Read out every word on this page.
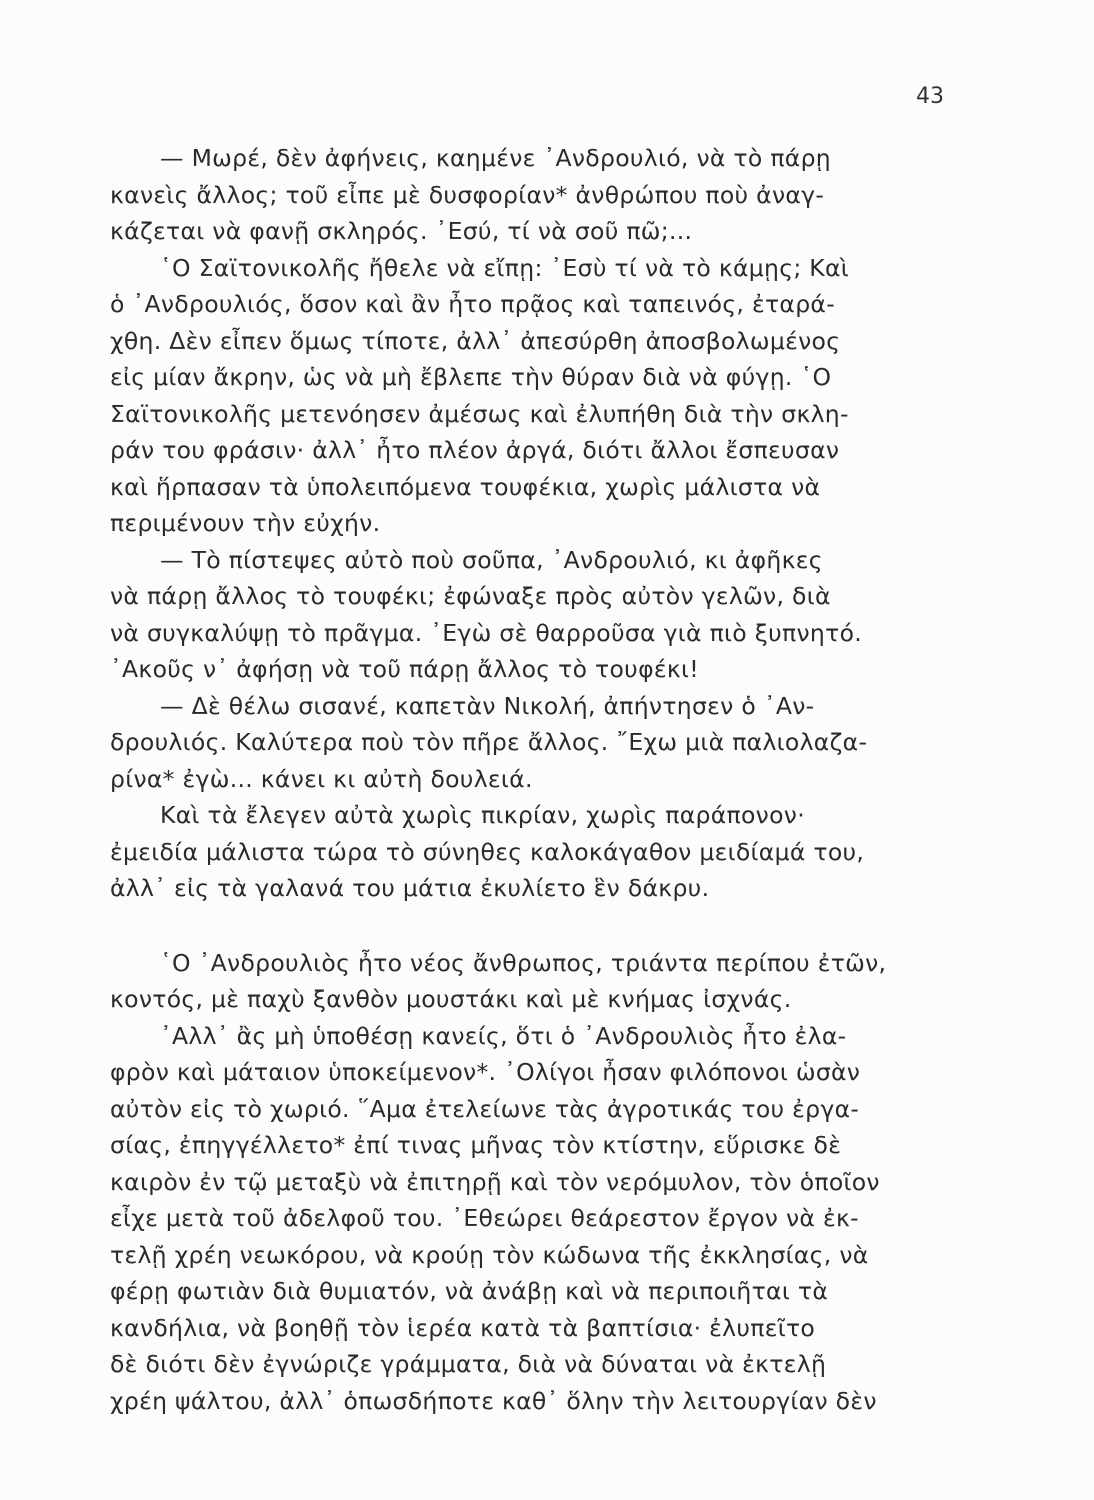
43
— Μωρέ, δὲν ἀφήνεις, καημένε ᾽Ανδρουλιό, νὰ τὸ πάρῃ
κανεὶς ἄλλος; τοῦ εἶπε μὲ δυσφορίαν* ἀνθρώπου ποὺ ἀναγ-
κάζεται νὰ φανῇ σκληρός. ᾽Εσύ, τί νὰ σοῦ πῶ;...
῾Ο Σαϊτονικολῆς ἤθελε νὰ εἴπῃ: ᾽Εσὺ τί νὰ τὸ κάμῃς; Καὶ
ὁ ᾽Ανδρουλιός, ὅσον καὶ ἂν ἦτο πρᾷος καὶ ταπεινός, ἐταρά-
χθη. Δὲν εἶπεν ὅμως τίποτε, ἀλλ᾽ ἀπεσύρθη ἀποσβολωμένος
εἰς μίαν ἄκρην, ὡς νὰ μὴ ἔβλεπε τὴν θύραν διὰ νὰ φύγῃ. ῾Ο
Σαϊτονικολῆς μετενόησεν ἀμέσως καὶ ἐλυπήθη διὰ τὴν σκλη-
ράν του φράσιν· ἀλλ᾽ ἦτο πλέον ἀργά, διότι ἄλλοι ἔσπευσαν
καὶ ἥρπασαν τὰ ὑπολειπόμενα τουφέκια, χωρὶς μάλιστα νὰ
περιμένουν τὴν εὐχήν.
— Τὸ πίστεψες αὐτὸ ποὺ σοῦπα, ᾽Ανδρουλιό, κι ἀφῆκες
νὰ πάρῃ ἄλλος τὸ τουφέκι; ἐφώναξε πρὸς αὐτὸν γελῶν, διὰ
νὰ συγκαλύψῃ τὸ πρᾶγμα. ᾽Εγὼ σὲ θαρροῦσα γιὰ πιὸ ξυπνητό.
᾽Ακοῦς ν᾽ ἀφήσῃ νὰ τοῦ πάρῃ ἄλλος τὸ τουφέκι!
— Δὲ θέλω σισανέ, καπετὰν Νικολή, ἀπήντησεν ὁ ᾽Αν-
δρουλιός. Καλύτερα ποὺ τὸν πῆρε ἄλλος. ῎Εχω μιὰ παλιολαζα-
ρίνα* ἐγὼ... κάνει κι αὐτὴ δουλειά.
Καὶ τὰ ἔλεγεν αὐτὰ χωρὶς πικρίαν, χωρὶς παράπονον·
ἐμειδία μάλιστα τώρα τὸ σύνηθες καλοκάγαθον μειδίαμά του,
ἀλλ᾽ εἰς τὰ γαλανά του μάτια ἐκυλίετο ἓν δάκρυ.
῾Ο ᾽Ανδρουλιὸς ἦτο νέος ἄνθρωπος, τριάντα περίπου ἐτῶν,
κοντός, μὲ παχὺ ξανθὸν μουστάκι καὶ μὲ κνήμας ἰσχνάς.
᾽Αλλ᾽ ἂς μὴ ὑποθέσῃ κανείς, ὅτι ὁ ᾽Ανδρουλιὸς ἦτο ἐλα-
φρὸν καὶ μάταιον ὑποκείμενον*. ᾽Ολίγοι ἦσαν φιλόπονοι ὡσὰν
αὐτὸν εἰς τὸ χωριό. ῞Αμα ἐτελείωνε τὰς ἀγροτικάς του ἐργα-
σίας, ἐπηγγέλλετο* ἐπί τινας μῆνας τὸν κτίστην, εὕρισκε δὲ
καιρὸν ἐν τῷ μεταξὺ νὰ ἐπιτηρῇ καὶ τὸν νερόμυλον, τὸν ὁποῖον
εἶχε μετὰ τοῦ ἀδελφοῦ του. ᾽Εθεώρει θεάρεστον ἔργον νὰ ἐκ-
τελῇ χρέη νεωκόρου, νὰ κρούῃ τὸν κώδωνα τῆς ἐκκλησίας, νὰ
φέρῃ φωτιὰν διὰ θυμιατόν, νὰ ἀνάβῃ καὶ νὰ περιποιῆται τὰ
κανδήλια, νὰ βοηθῇ τὸν ἱερέα κατὰ τὰ βαπτίσια· ἐλυπεῖτο
δὲ διότι δὲν ἐγνώριζε γράμματα, διὰ νὰ δύναται νὰ ἐκτελῇ
χρέη ψάλτου, ἀλλ᾽ ὁπωσδήποτε καθ᾽ ὅλην τὴν λειτουργίαν δὲν
